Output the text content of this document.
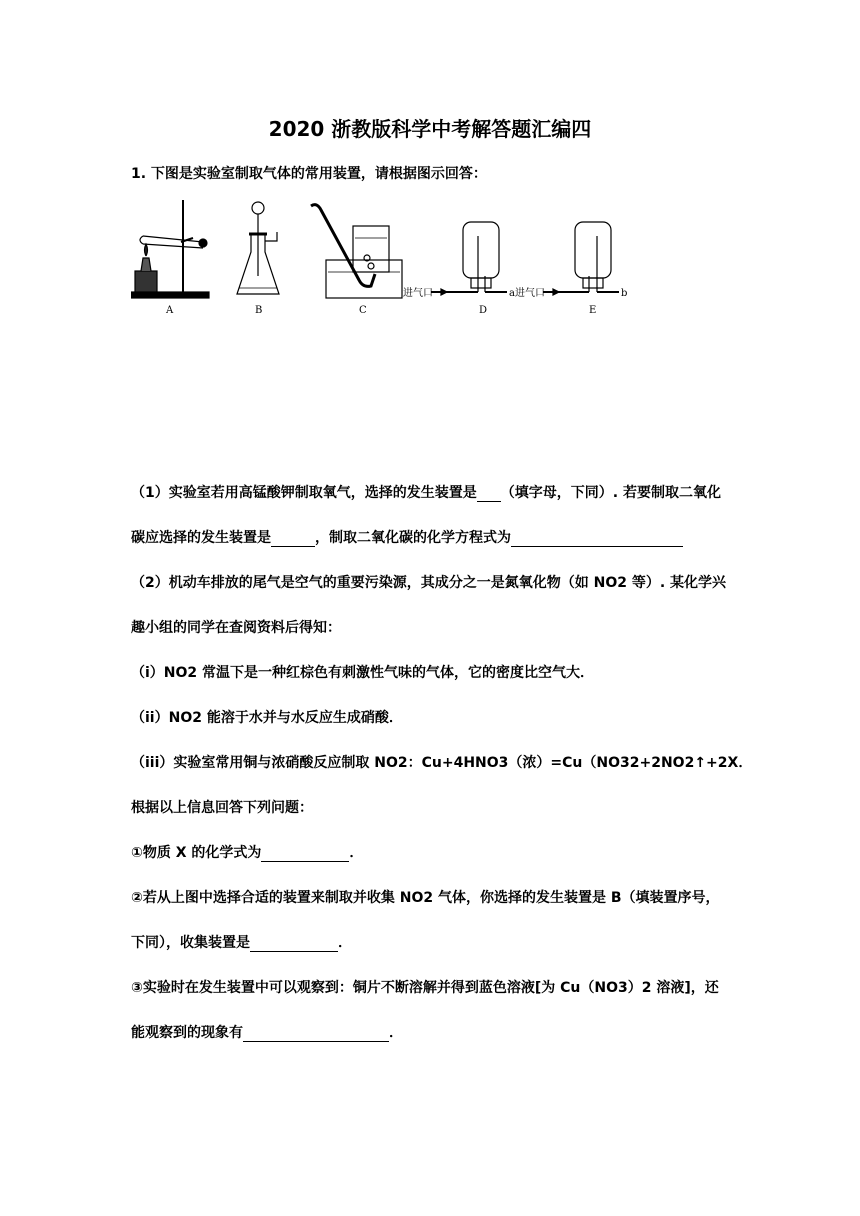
2020 浙教版科学中考解答题汇编四
1. 下图是实验室制取气体的常用装置，请根据图示回答：
A	B	C	D	E
进气口	进气口
a	b
（1）实验室若用高锰酸钾制取氧气，选择的发生装置是 （填字母，下同）. 若要制取二氧化
碳应选择的发生装置是	，制取二氧化碳的化学方程式为
（2）机动车排放的尾气是空气的重要污染源，其成分之一是氮氧化物（如 NO2 等）. 某化学兴
趣小组的同学在查阅资料后得知：
（i）NO2 常温下是一种红棕色有刺激性气味的气体，它的密度比空气大．
（ii）NO2 能溶于水并与水反应生成硝酸．
（iii）实验室常用铜与浓硝酸反应制取 NO2：Cu+4HNO3（浓）=Cu（NO32+2NO2↑+2X．
根据以上信息回答下列问题：
①物质 X 的化学式为	．
②若从上图中选择合适的装置来制取并收集 NO2 气体，你选择的发生装置是 B（填装置序号，
下同），收集装置是	．
③实验时在发生装置中可以观察到：铜片不断溶解并得到蓝色溶液[为 Cu（NO3）2 溶液]，还
能观察到的现象有	．
